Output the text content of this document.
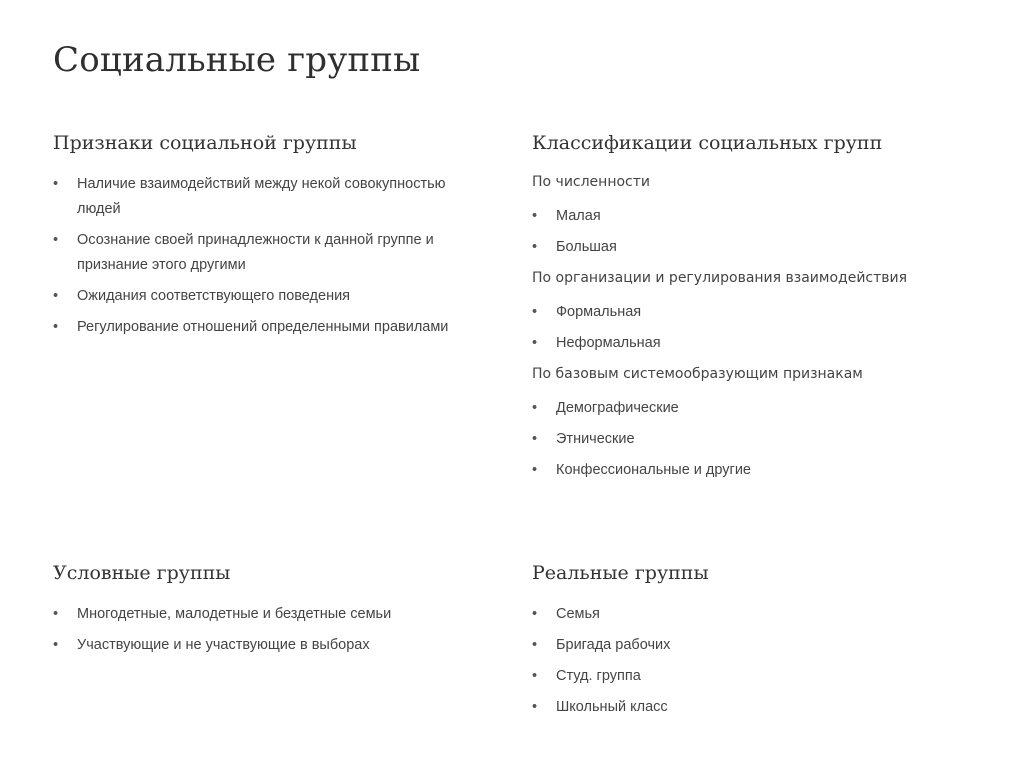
Социальные группы
Признаки социальной группы
• Наличие взаимодействий между некой совокупностью людей
• Осознание своей принадлежности к данной группе и признание этого другими
• Ожидания соответствующего поведения
• Регулирование отношений определенными правилами
Классификации социальных групп

По численности

• Малая
• Большая

По организации и регулирования взаимодействия

• Формальная
• Неформальная

По базовым системообразующим признакам

• Демографические
• Этнические
• Конфессиональные и другие
Условные группы
• Многодетные, малодетные и бездетные семьи
• Участвующие и не участвующие в выборах
Реальные группы
• Семья
• Бригада рабочих
• Студ. группа
• Школьный класс
